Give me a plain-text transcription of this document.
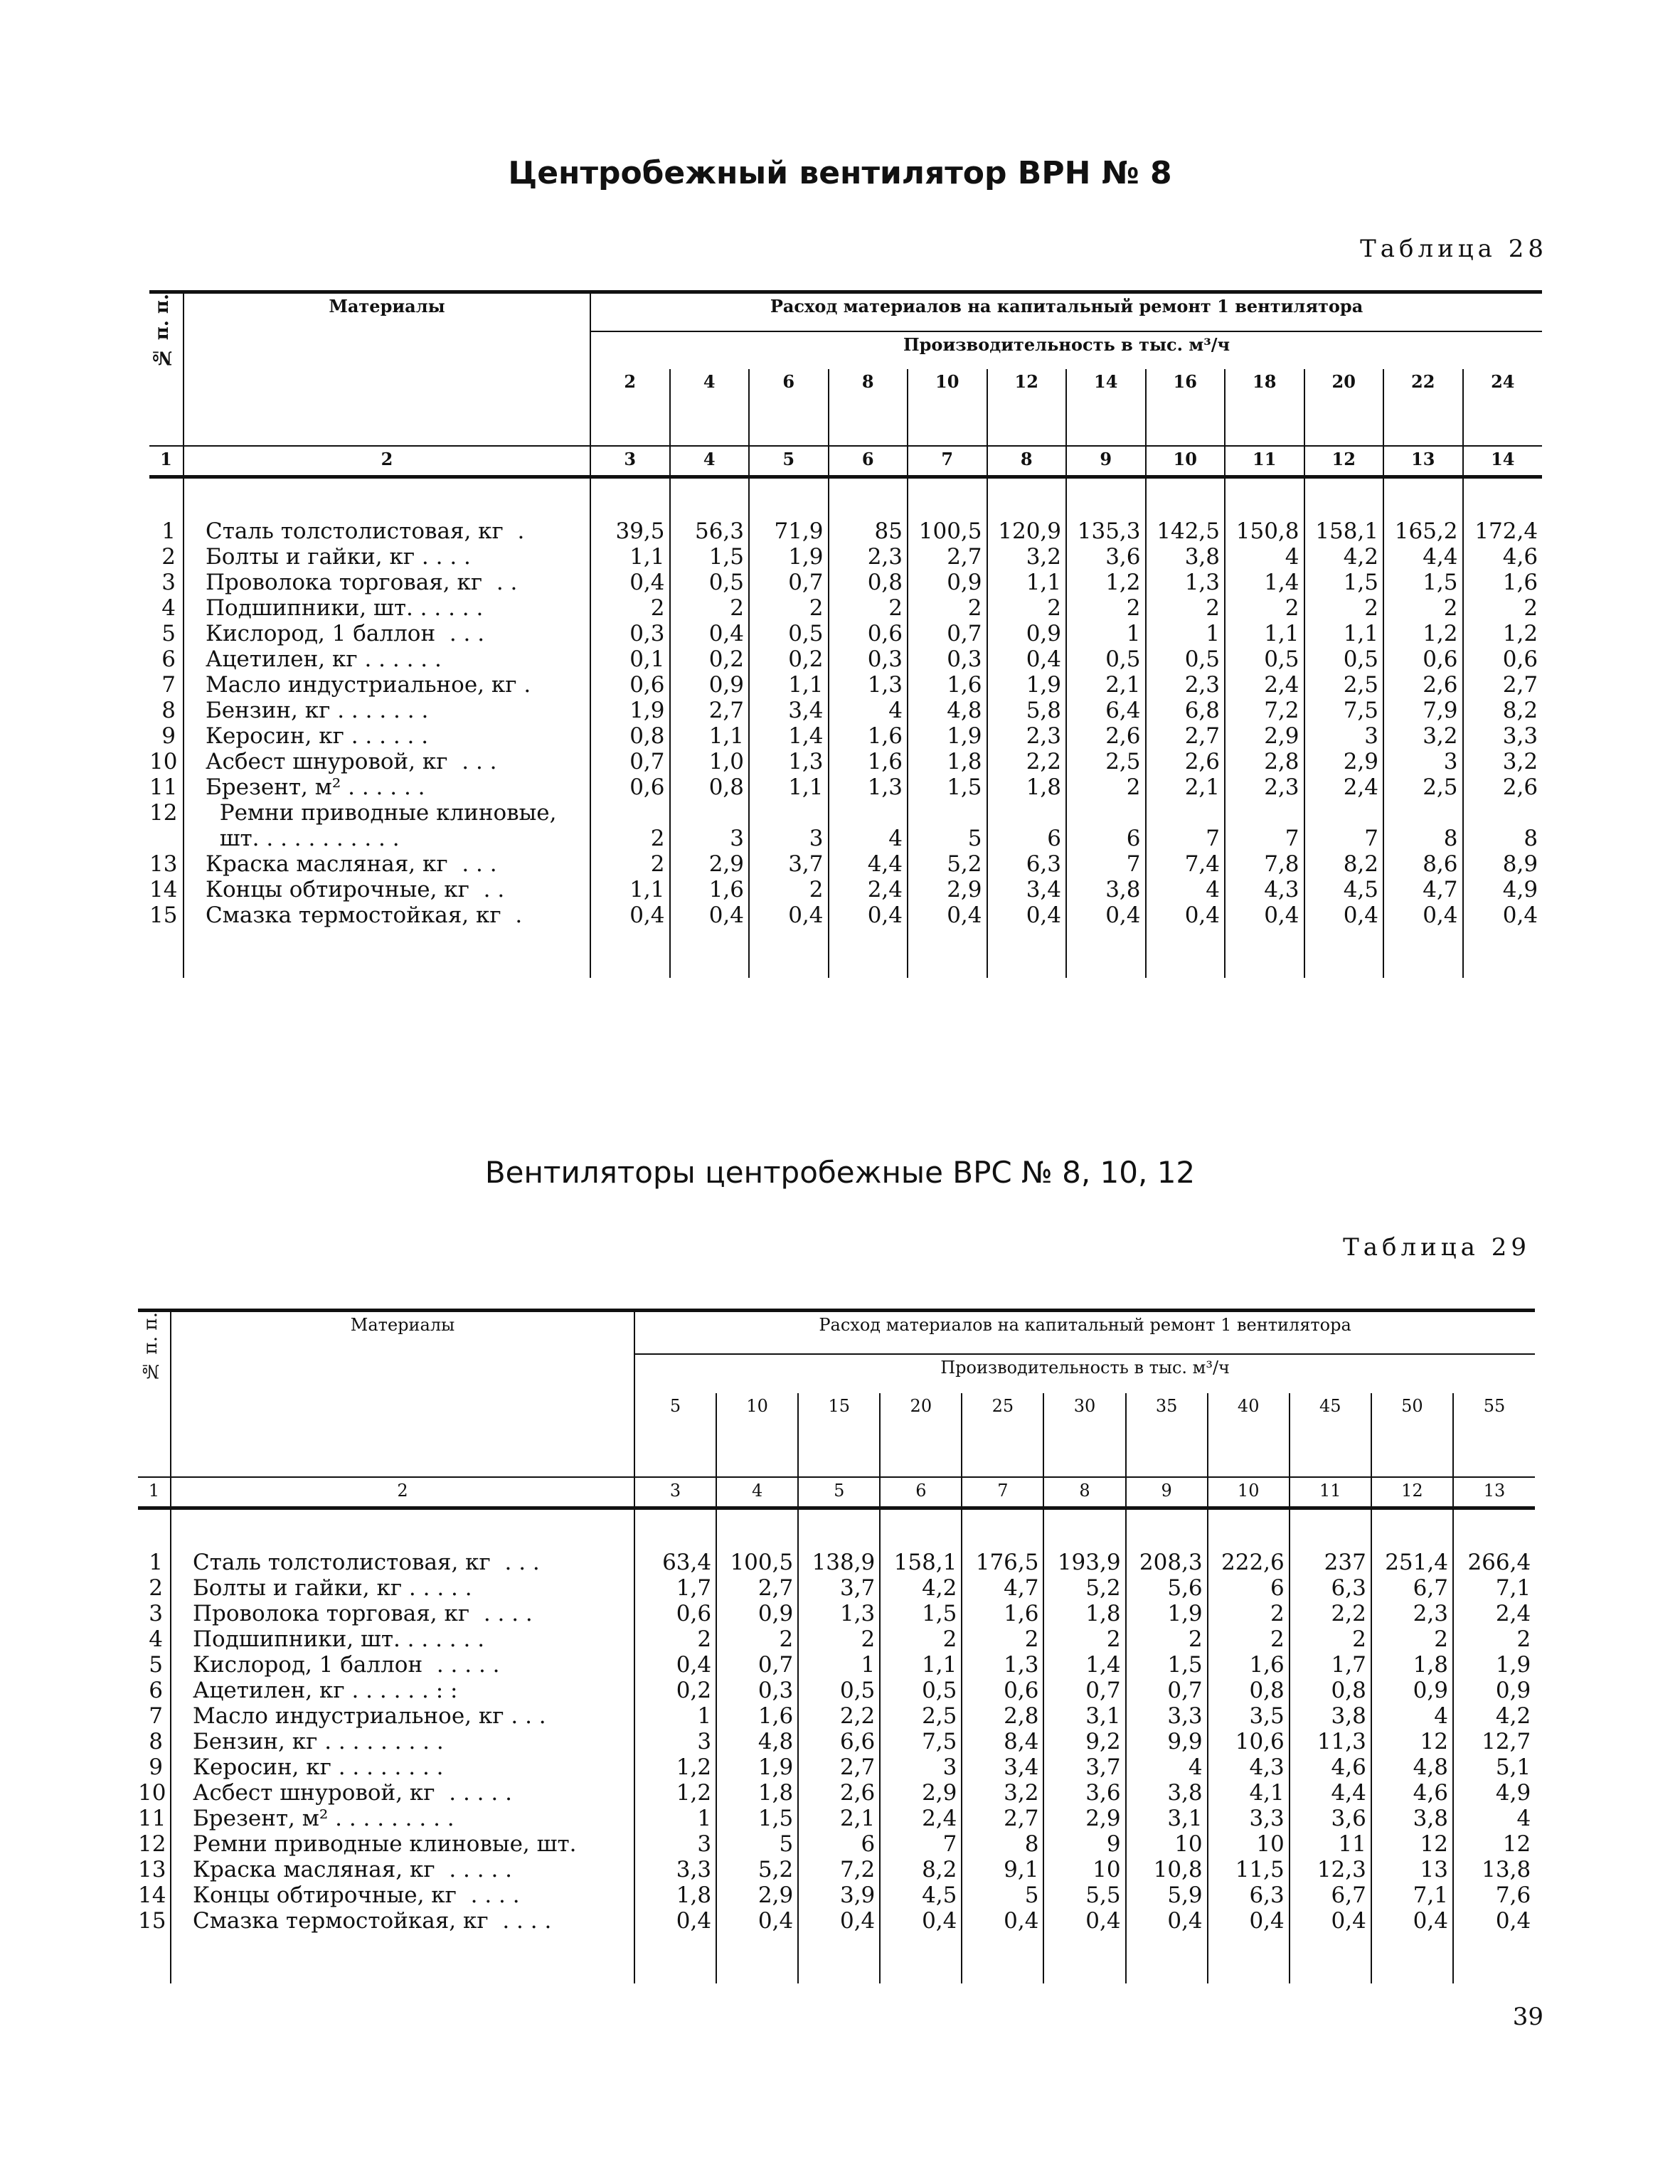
Центробежный вентилятор ВРН № 8
Таблица 28
№ п. п.	Материалы	Расход материалов на капитальный ремонт 1 вентилятора											
		Производительность в тыс. м³/ч											
		2	4	6	8	10	12	14	16	18	20	22	24
1	2	3	4	5	6	7	8	9	10	11	12	13	14

1	Сталь толстолистовая, кг  .	39,5	56,3	71,9	85	100,5	120,9	135,3	142,5	150,8	158,1	165,2	172,4
2	Болты и гайки, кг . . . .	1,1	1,5	1,9	2,3	2,7	3,2	3,6	3,8	4	4,2	4,4	4,6
3	Проволока торговая, кг  . .	0,4	0,5	0,7	0,8	0,9	1,1	1,2	1,3	1,4	1,5	1,5	1,6
4	Подшипники, шт. . . . . .	2	2	2	2	2	2	2	2	2	2	2	2
5	Кислород, 1 баллон  . . .	0,3	0,4	0,5	0,6	0,7	0,9	1	1	1,1	1,1	1,2	1,2
6	Ацетилен, кг . . . . . .	0,1	0,2	0,2	0,3	0,3	0,4	0,5	0,5	0,5	0,5	0,6	0,6
7	Масло индустриальное, кг .	0,6	0,9	1,1	1,3	1,6	1,9	2,1	2,3	2,4	2,5	2,6	2,7
8	Бензин, кг . . . . . . .	1,9	2,7	3,4	4	4,8	5,8	6,4	6,8	7,2	7,5	7,9	8,2
9	Керосин, кг . . . . . .	0,8	1,1	1,4	1,6	1,9	2,3	2,6	2,7	2,9	3	3,2	3,3
10	Асбест шнуровой, кг  . . .	0,7	1,0	1,3	1,6	1,8	2,2	2,5	2,6	2,8	2,9	3	3,2
11	Брезент, м² . . . . . .	0,6	0,8	1,1	1,3	1,5	1,8	2	2,1	2,3	2,4	2,5	2,6
12	Ремни приводные клиновые,												
	шт. . . . . . . . . . .	2	3	3	4	5	6	6	7	7	7	8	8
13	Краска масляная, кг  . . .	2	2,9	3,7	4,4	5,2	6,3	7	7,4	7,8	8,2	8,6	8,9
14	Концы обтирочные, кг  . .	1,1	1,6	2	2,4	2,9	3,4	3,8	4	4,3	4,5	4,7	4,9
15	Смазка термостойкая, кг  .	0,4	0,4	0,4	0,4	0,4	0,4	0,4	0,4	0,4	0,4	0,4	0,4

Вентиляторы центробежные ВРС № 8, 10, 12
Таблица 29
№ п. п.	Материалы	Расход материалов на капитальный ремонт 1 вентилятора										
		Производительность в тыс. м³/ч										
		5	10	15	20	25	30	35	40	45	50	55
1	2	3	4	5	6	7	8	9	10	11	12	13

1	Сталь толстолистовая, кг  . . .	63,4	100,5	138,9	158,1	176,5	193,9	208,3	222,6	237	251,4	266,4
2	Болты и гайки, кг . . . . .	1,7	2,7	3,7	4,2	4,7	5,2	5,6	6	6,3	6,7	7,1
3	Проволока торговая, кг  . . . .	0,6	0,9	1,3	1,5	1,6	1,8	1,9	2	2,2	2,3	2,4
4	Подшипники, шт. . . . . . .	2	2	2	2	2	2	2	2	2	2	2
5	Кислород, 1 баллон  . . . . .	0,4	0,7	1	1,1	1,3	1,4	1,5	1,6	1,7	1,8	1,9
6	Ацетилен, кг . . . . . . : :	0,2	0,3	0,5	0,5	0,6	0,7	0,7	0,8	0,8	0,9	0,9
7	Масло индустриальное, кг . . .	1	1,6	2,2	2,5	2,8	3,1	3,3	3,5	3,8	4	4,2
8	Бензин, кг . . . . . . . . .	3	4,8	6,6	7,5	8,4	9,2	9,9	10,6	11,3	12	12,7
9	Керосин, кг . . . . . . . .	1,2	1,9	2,7	3	3,4	3,7	4	4,3	4,6	4,8	5,1
10	Асбест шнуровой, кг  . . . . .	1,2	1,8	2,6	2,9	3,2	3,6	3,8	4,1	4,4	4,6	4,9
11	Брезент, м² . . . . . . . . .	1	1,5	2,1	2,4	2,7	2,9	3,1	3,3	3,6	3,8	4
12	Ремни приводные клиновые, шт.	3	5	6	7	8	9	10	10	11	12	12
13	Краска масляная, кг  . . . . .	3,3	5,2	7,2	8,2	9,1	10	10,8	11,5	12,3	13	13,8
14	Концы обтирочные, кг  . . . .	1,8	2,9	3,9	4,5	5	5,5	5,9	6,3	6,7	7,1	7,6
15	Смазка термостойкая, кг  . . . .	0,4	0,4	0,4	0,4	0,4	0,4	0,4	0,4	0,4	0,4	0,4

39
